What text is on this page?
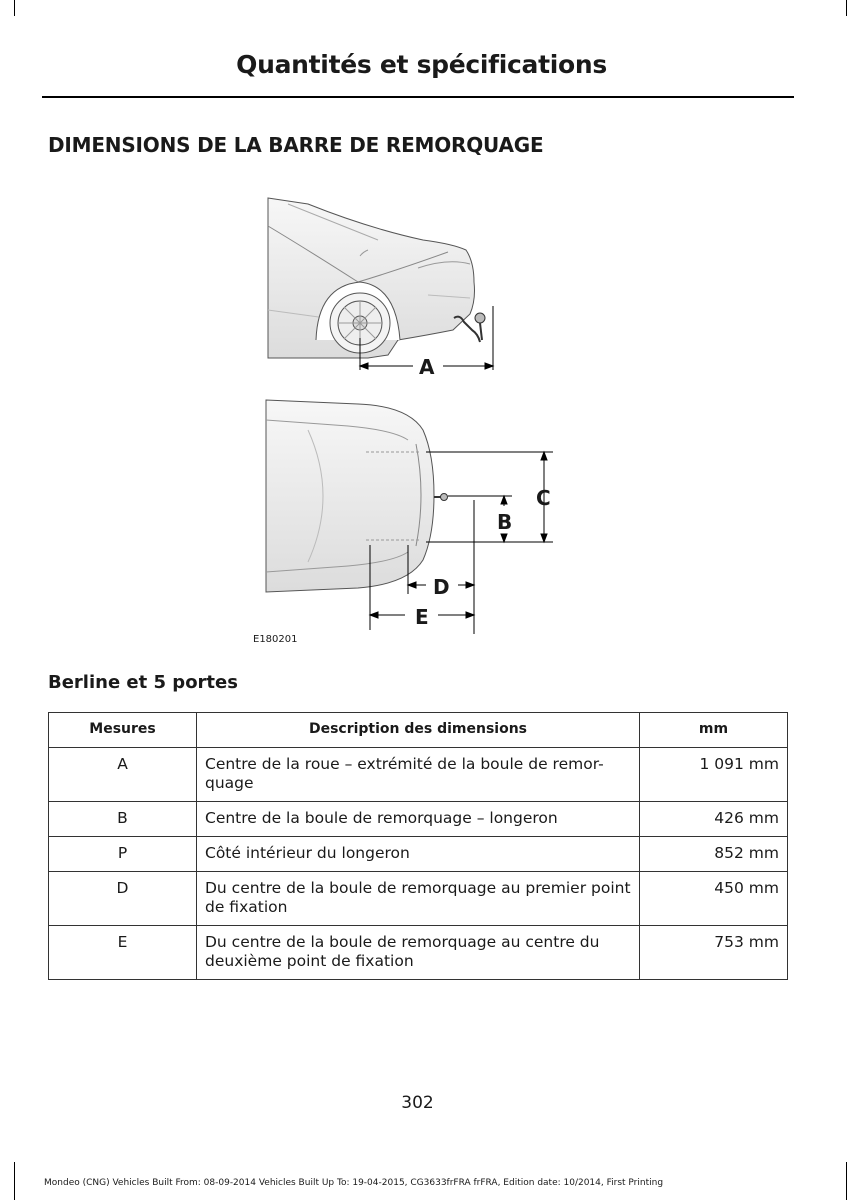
Quantités et spécifications
DIMENSIONS DE LA BARRE DE REMORQUAGE
A
C
B
D
E
E180201
Berline et 5 portes
Mesures	Description des dimensions	mm
A	Centre de la roue – extrémité de la boule de remor-quage	1 091 mm
B	Centre de la boule de remorquage – longeron	426 mm
P	Côté intérieur du longeron	852 mm
D	Du centre de la boule de remorquage au premier point de fixation	450 mm
E	Du centre de la boule de remorquage au centre du deuxième point de fixation	753 mm
302
Mondeo (CNG) Vehicles Built From: 08-09-2014 Vehicles Built Up To: 19-04-2015, CG3633frFRA frFRA, Edition date: 10/2014, First Printing
